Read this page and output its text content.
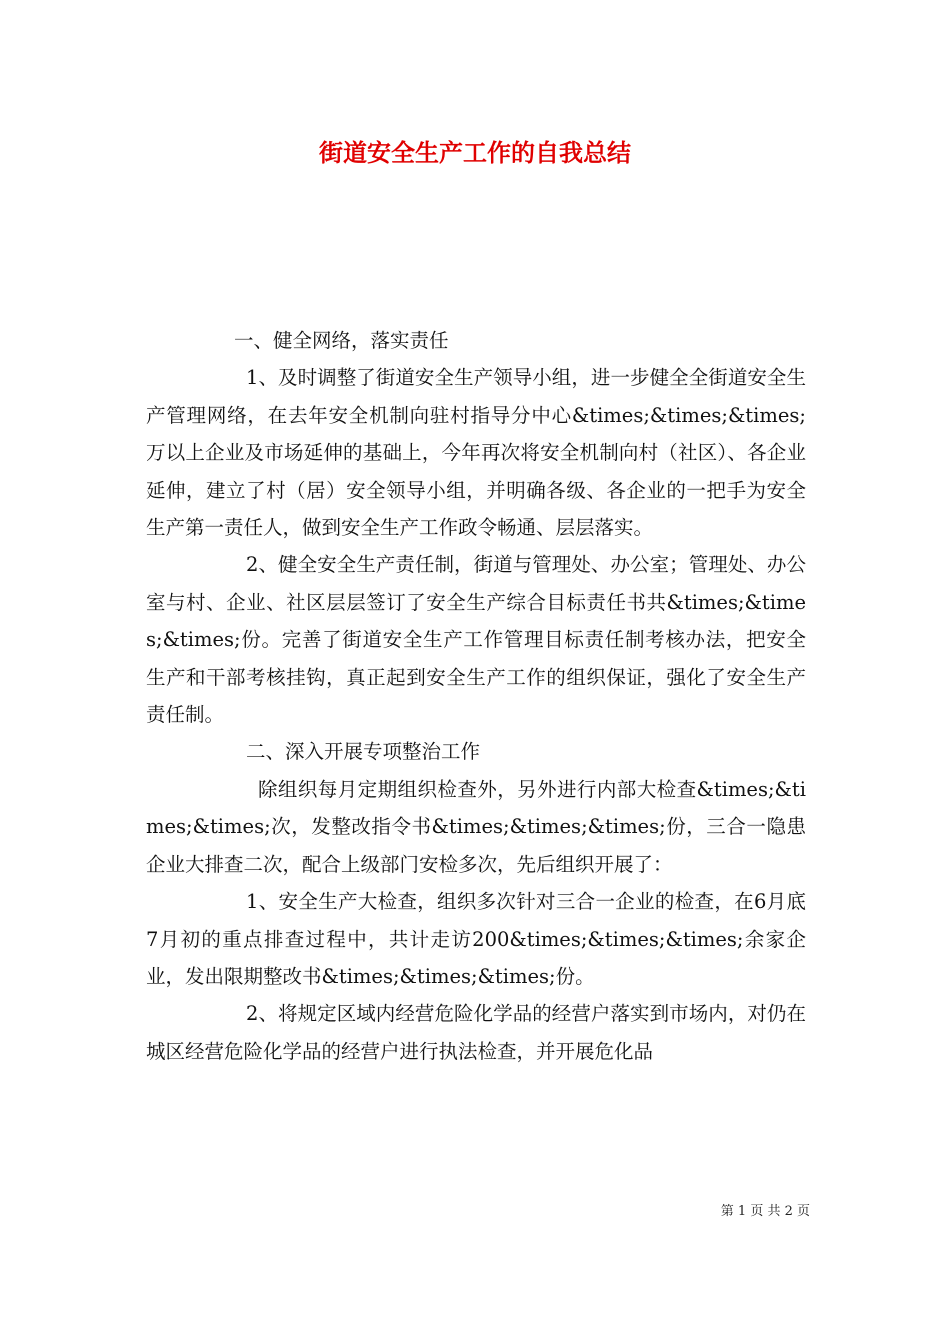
街道安全生产工作的自我总结

一、健全网络，落实责任

1、及时调整了街道安全生产领导小组，进一步健全全街道安全生产管理网络，在去年安全机制向驻村指导分中心&times;&times;&times;万以上企业及市场延伸的基础上，今年再次将安全机制向村（社区）、各企业延伸，建立了村（居）安全领导小组，并明确各级、各企业的一把手为安全生产第一责任人，做到安全生产工作政令畅通、层层落实。

2、健全安全生产责任制，街道与管理处、办公室；管理处、办公室与村、企业、社区层层签订了安全生产综合目标责任书共&times;&times;&times;份。完善了街道安全生产工作管理目标责任制考核办法，把安全生产和干部考核挂钩，真正起到安全生产工作的组织保证，强化了安全生产责任制。

二、深入开展专项整治工作

除组织每月定期组织检查外，另外进行内部大检查&times;&times;&times;次，发整改指令书&times;&times;&times;份，三合一隐患企业大排查二次，配合上级部门安检多次，先后组织开展了：

1、安全生产大检查，组织多次针对三合一企业的检查，在6月底7月初的重点排查过程中，共计走访200&times;&times;&times;余家企业，发出限期整改书&times;&times;&times;份。

2、将规定区域内经营危险化学品的经营户落实到市场内，对仍在城区经营危险化学品的经营户进行执法检查，并开展危化品

第 1 页 共 2 页
